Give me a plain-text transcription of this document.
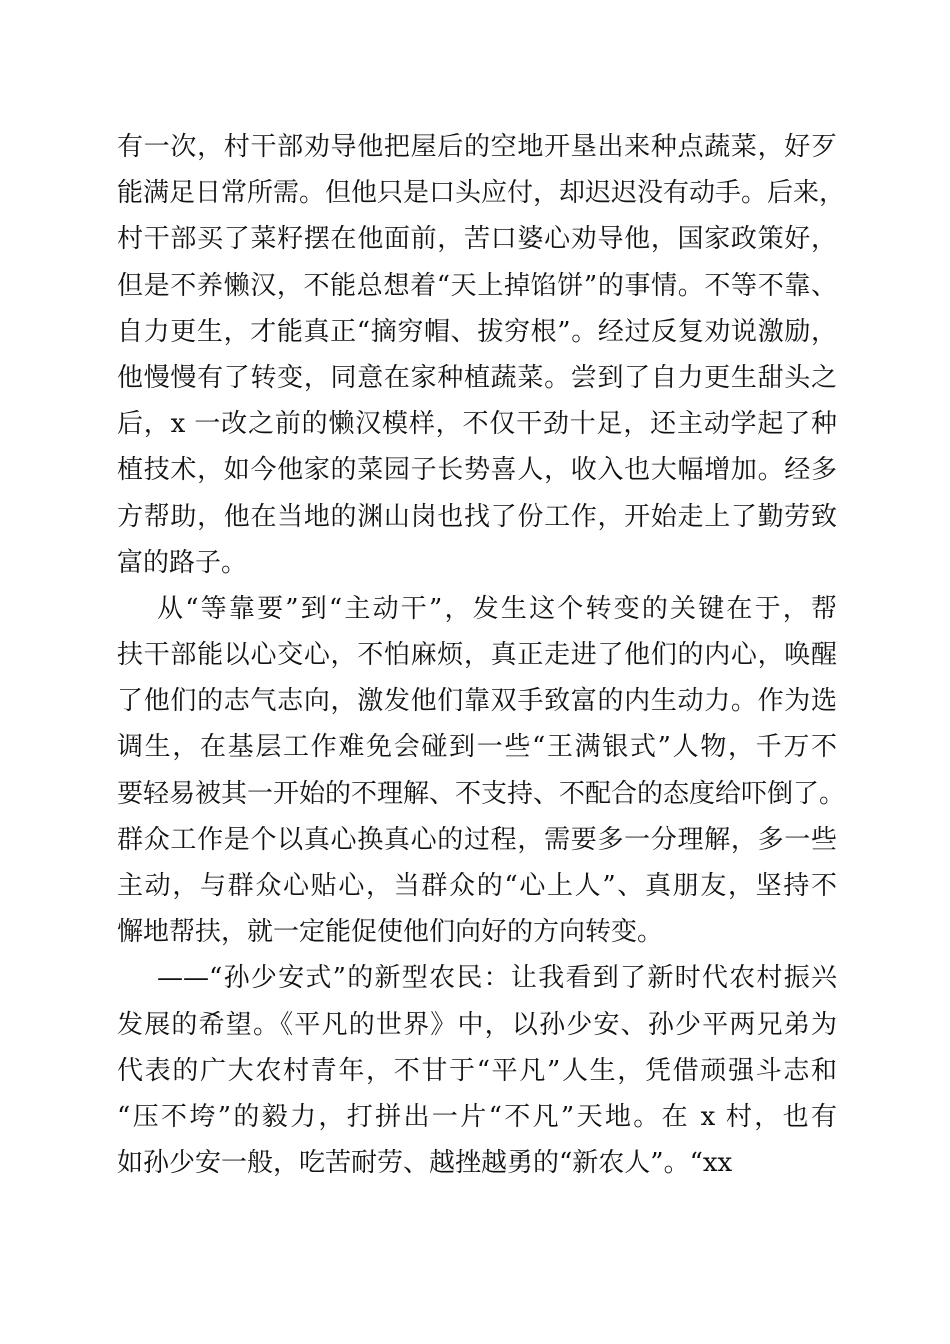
有一次，村干部劝导他把屋后的空地开垦出来种点蔬菜，好歹
能满足日常所需。但他只是口头应付，却迟迟没有动手。后来，
村干部买了菜籽摆在他面前，苦口婆心劝导他，国家政策好，
但是不养懒汉，不能总想着“天上掉馅饼”的事情。不等不靠、
自力更生，才能真正“摘穷帽、拔穷根”。经过反复劝说激励，
他慢慢有了转变，同意在家种植蔬菜。尝到了自力更生甜头之
后，x 一改之前的懒汉模样，不仅干劲十足，还主动学起了种
植技术，如今他家的菜园子长势喜人，收入也大幅增加。经多
方帮助，他在当地的渊山岗也找了份工作，开始走上了勤劳致
富的路子。
从“等靠要”到“主动干”，发生这个转变的关键在于，帮
扶干部能以心交心，不怕麻烦，真正走进了他们的内心，唤醒
了他们的志气志向，激发他们靠双手致富的内生动力。作为选
调生，在基层工作难免会碰到一些“王满银式”人物，千万不
要轻易被其一开始的不理解、不支持、不配合的态度给吓倒了。
群众工作是个以真心换真心的过程，需要多一分理解，多一些
主动，与群众心贴心，当群众的“心上人”、真朋友，坚持不
懈地帮扶，就一定能促使他们向好的方向转变。
——“孙少安式”的新型农民：让我看到了新时代农村振兴
发展的希望。《平凡的世界》中，以孙少安、孙少平两兄弟为
代表的广大农村青年，不甘于“平凡”人生，凭借顽强斗志和
“压不垮”的毅力，打拼出一片“不凡”天地。在 x 村，也有
如孙少安一般，吃苦耐劳、越挫越勇的“新农人”。“xx
